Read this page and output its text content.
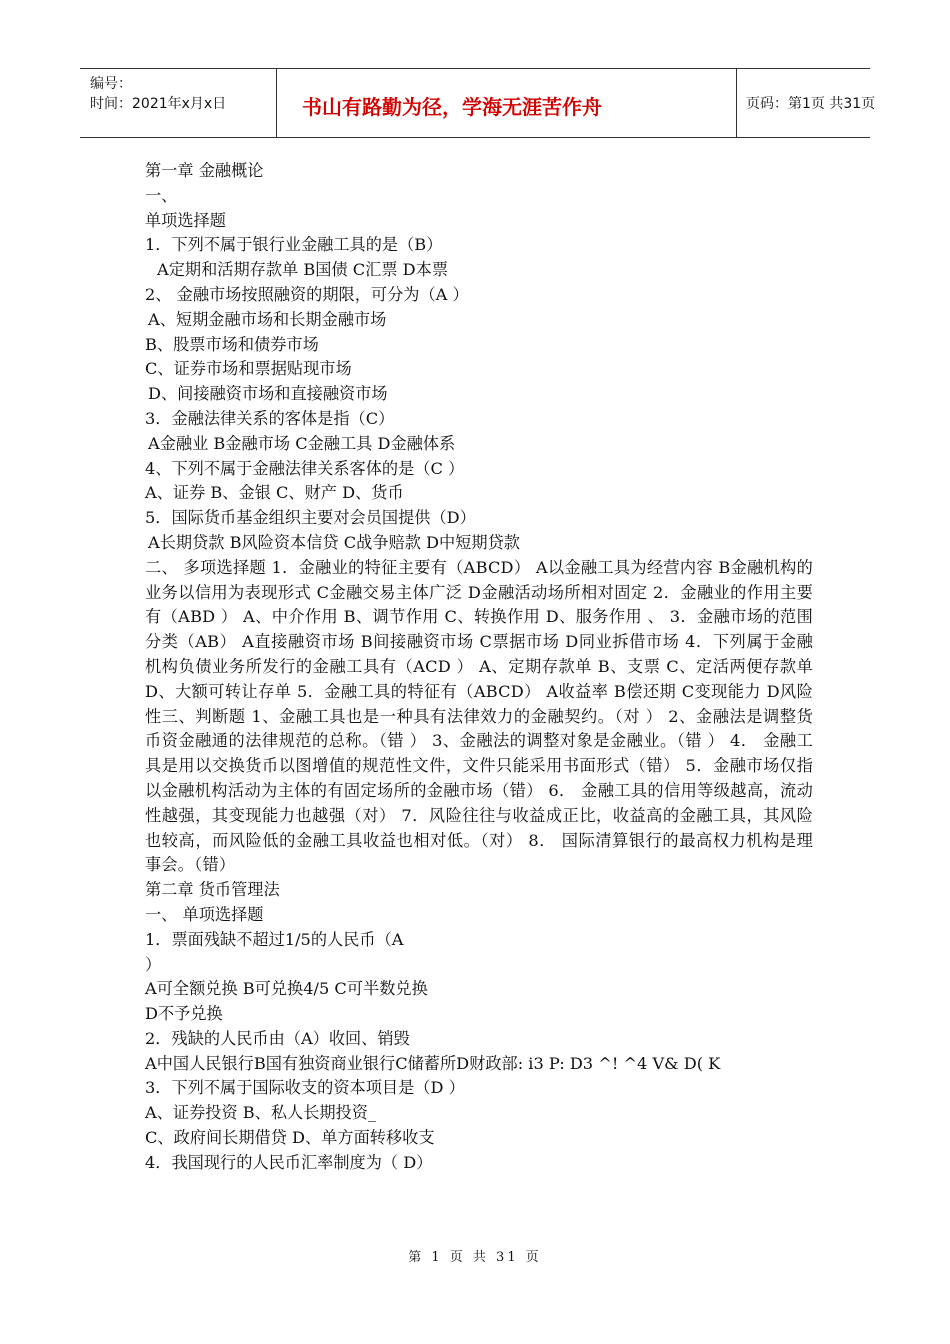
编号：
时间：2021年x月x日	书山有路勤为径，学海无涯苦作舟	页码：第1页 共31页
第一章 金融概论
一、
单项选择题
1．下列不属于银行业金融工具的是（B）
A定期和活期存款单 B国债 C汇票 D本票
2、 金融市场按照融资的期限，可分为（A ）
A、短期金融市场和长期金融市场
B、股票市场和债券市场
C、证券市场和票据贴现市场
D、间接融资市场和直接融资市场
3．金融法律关系的客体是指（C）
A金融业 B金融市场 C金融工具 D金融体系
4、下列不属于金融法律关系客体的是（C ）
A、证券 B、金银 C、财产 D、货币
5．国际货币基金组织主要对会员国提供（D）
A长期贷款 B风险资本信贷 C战争赔款 D中短期贷款
二、 多项选择题 1．金融业的特征主要有（ABCD） A以金融工具为经营内容 B金融机构的业务以信用为表现形式 C金融交易主体广泛 D金融活动场所相对固定 2．金融业的作用主要有（ABD ） A、中介作用 B、调节作用 C、转换作用 D、服务作用 、 3．金融市场的范围分类（AB） A直接融资市场 B间接融资市场 C票据市场 D同业拆借市场 4．下列属于金融机构负债业务所发行的金融工具有（ACD ） A、定期存款单 B、支票 C、定活两便存款单 D、大额可转让存单 5．金融工具的特征有（ABCD） A收益率 B偿还期 C变现能力 D风险性三、判断题 1、金融工具也是一种具有法律效力的金融契约。（对 ） 2、金融法是调整货币资金融通的法律规范的总称。（错 ） 3、金融法的调整对象是金融业。（错 ） 4． 金融工具是用以交换货币以图增值的规范性文件，文件只能采用书面形式（错） 5．金融市场仅指以金融机构活动为主体的有固定场所的金融市场（错） 6． 金融工具的信用等级越高，流动性越强，其变现能力也越强（对） 7．风险往往与收益成正比，收益高的金融工具，其风险也较高，而风险低的金融工具收益也相对低。（对） 8． 国际清算银行的最高权力机构是理事会。（错）
第二章 货币管理法
一、 单项选择题
1．票面残缺不超过1/5的人民币（A
）
A可全额兑换 B可兑换4/5 C可半数兑换
D不予兑换
2．残缺的人民币由（A）收回、销毁
A中国人民银行B国有独资商业银行C储蓄所D财政部: i3 P: D3 ^! ^4 V& D( K
3．下列不属于国际收支的资本项目是（D ）
A、证券投资 B、私人长期投资_
C、政府间长期借贷 D、单方面转移收支
4．我国现行的人民币汇率制度为（ D）
第 1 页 共 31 页
